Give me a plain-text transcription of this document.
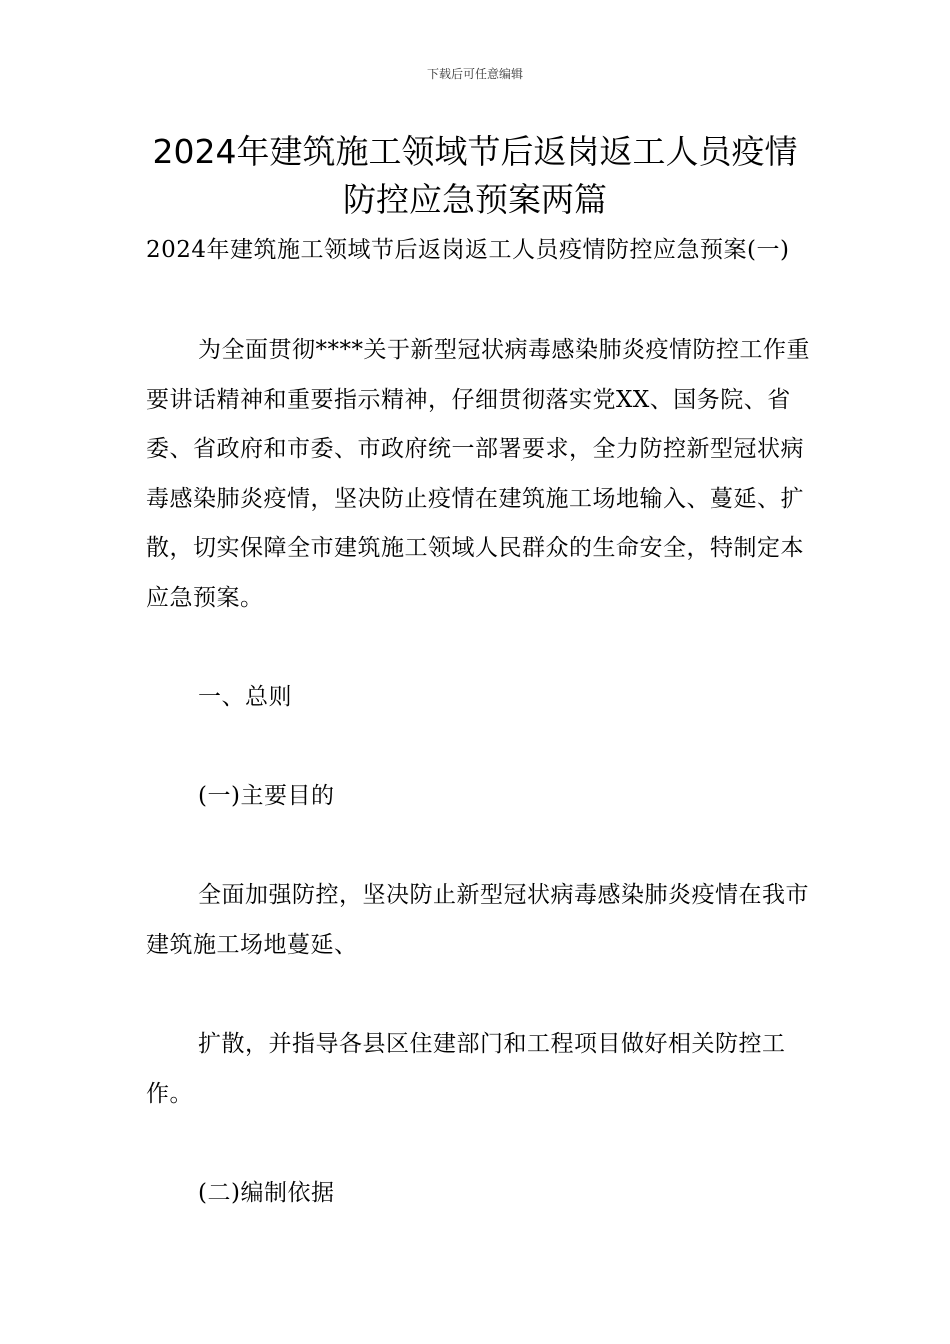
下载后可任意编辑
2024年建筑施工领域节后返岗返工人员疫情防控应急预案两篇

2024年建筑施工领域节后返岗返工人员疫情防控应急预案(一)

为全面贯彻****关于新型冠状病毒感染肺炎疫情防控工作重要讲话精神和重要指示精神，仔细贯彻落实党XX、国务院、省委、省政府和市委、市政府统一部署要求，全力防控新型冠状病毒感染肺炎疫情，坚决防止疫情在建筑施工场地输入、蔓延、扩散，切实保障全市建筑施工领域人民群众的生命安全，特制定本应急预案。

一、总则

(一)主要目的

全面加强防控，坚决防止新型冠状病毒感染肺炎疫情在我市建筑施工场地蔓延、

扩散，并指导各县区住建部门和工程项目做好相关防控工作。

(二)编制依据
